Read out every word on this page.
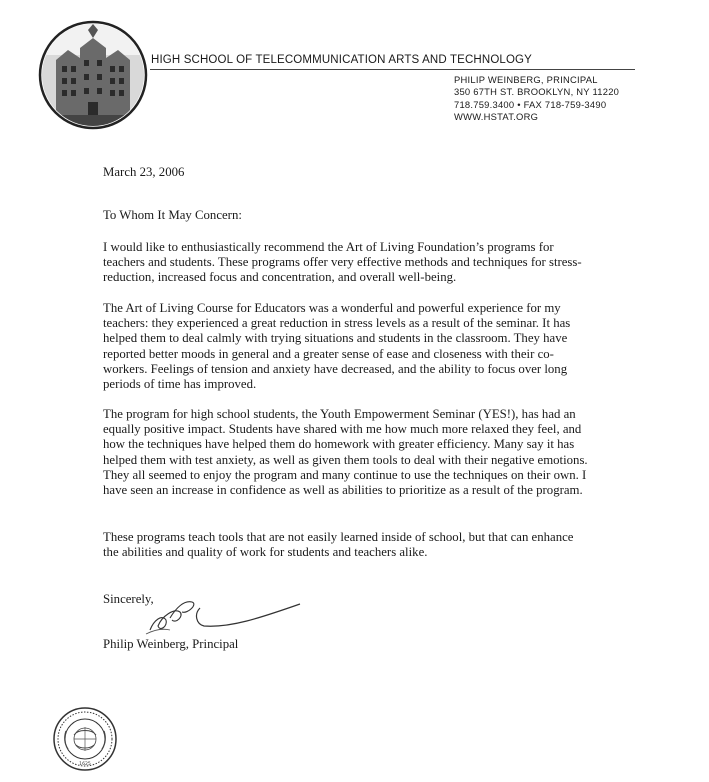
HIGH SCHOOL OF TELECOMMUNICATION ARTS AND TECHNOLOGY
PHILIP WEINBERG, PRINCIPAL
350 67TH ST. BROOKLYN, NY 11220
718.759.3400 • FAX 718-759-3490
WWW.HSTAT.ORG
March 23, 2006
To Whom It May Concern:

I would like to enthusiastically recommend the Art of Living Foundation’s programs for teachers and students. These programs offer very effective methods and techniques for stress-reduction, increased focus and concentration, and overall well-being.

The Art of Living Course for Educators was a wonderful and powerful experience for my teachers: they experienced a great reduction in stress levels as a result of the seminar. It has helped them to deal calmly with trying situations and students in the classroom. They have reported better moods in general and a greater sense of ease and closeness with their co-workers. Feelings of tension and anxiety have decreased, and the ability to focus over long periods of time has improved.

The program for high school students, the Youth Empowerment Seminar (YES!), has had an equally positive impact. Students have shared with me how much more relaxed they feel, and how the techniques have helped them do homework with greater efficiency. Many say it has helped them with test anxiety, as well as given them tools to deal with their negative emotions. They all seemed to enjoy the program and many continue to use the techniques on their own. I have seen an increase in confidence as well as abilities to prioritize as a result of the program.

These programs teach tools that are not easily learned inside of school, but that can enhance the abilities and quality of work for students and teachers alike.

Sincerely,
Philip Weinberg, Principal
1625
